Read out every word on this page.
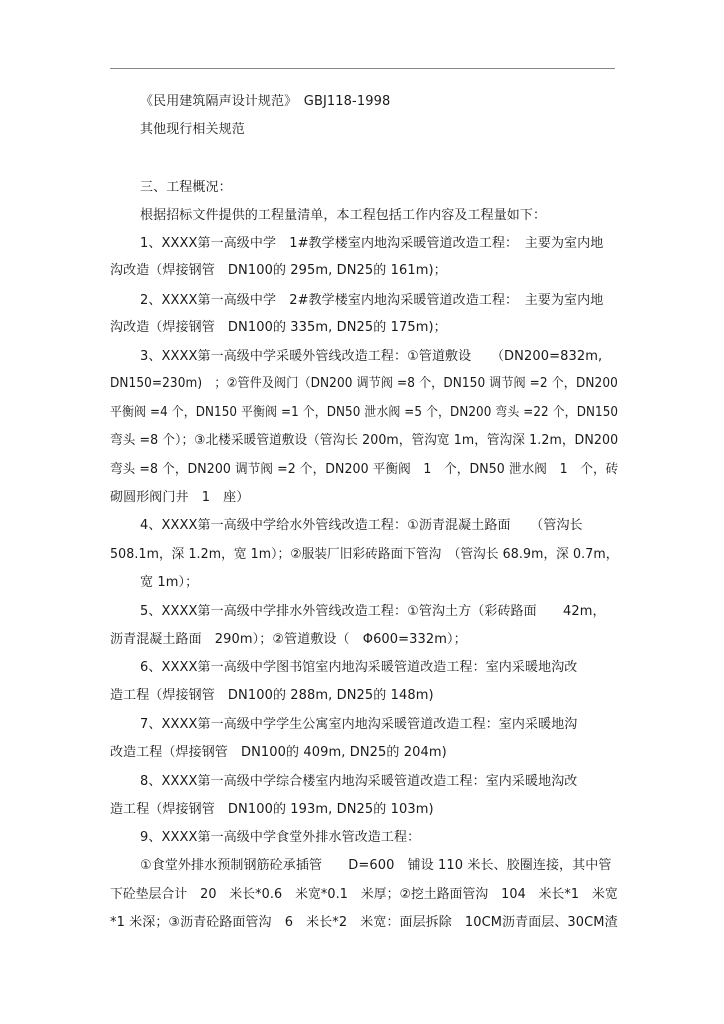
《民用建筑隔声设计规范》　GBJ118-1998
其他现行相关规范
三、工程概况：
根据招标文件提供的工程量清单，本工程包括工作内容及工程量如下：
1、XXXX第一高级中学　1#教学楼室内地沟采暖管道改造工程：　主要为室内地
沟改造（焊接钢管　DN100的 295m, DN25的 161m)；
2、XXXX第一高级中学　2#教学楼室内地沟采暖管道改造工程：　主要为室内地
沟改造（焊接钢管　DN100的 335m, DN25的 175m)；
3、XXXX第一高级中学采暖外管线改造工程：①管道敷设　　（DN200=832m,
DN150=230m)　；②管件及阀门（DN200 调节阀 =8 个，DN150 调节阀 =2 个，DN200
平衡阀 =4 个，DN150 平衡阀 =1 个，DN50 泄水阀 =5 个，DN200 弯头 =22 个，DN150
弯头 =8 个）；③北楼采暖管道敷设（管沟长 200m，管沟宽 1m，管沟深 1.2m，DN200
弯头 =8 个，DN200 调节阀 =2 个，DN200 平衡阀　1　个，DN50 泄水阀　1　个，砖
砌圆形阀门井　1　座）
4、XXXX第一高级中学给水外管线改造工程：①沥青混凝土路面　　（管沟长
508.1m，深 1.2m，宽 1m）；②服装厂旧彩砖路面下管沟　（管沟长 68.9m，深 0.7m，
宽 1m）；
5、XXXX第一高级中学排水外管线改造工程：①管沟土方（彩砖路面　　42m，
沥青混凝土路面　290m）；②管道敷设（　Φ600=332m）；
6、XXXX第一高级中学图书馆室内地沟采暖管道改造工程：室内采暖地沟改
造工程（焊接钢管　DN100的 288m, DN25的 148m)
7、XXXX第一高级中学学生公寓室内地沟采暖管道改造工程：室内采暖地沟
改造工程（焊接钢管　DN100的 409m, DN25的 204m)
8、XXXX第一高级中学综合楼室内地沟采暖管道改造工程：室内采暖地沟改
造工程（焊接钢管　DN100的 193m, DN25的 103m)
9、XXXX第一高级中学食堂外排水管改造工程：
①食堂外排水预制钢筋砼承插管　　D=600　铺设 110 米长、胶圈连接，其中管
下砼垫层合计　20　米长*0.6　米宽*0.1　米厚；②挖土路面管沟　104　米长*1　米宽
*1 米深；③沥青砼路面管沟　6　米长*2　米宽：面层拆除　10CM沥青面层、30CM渣
